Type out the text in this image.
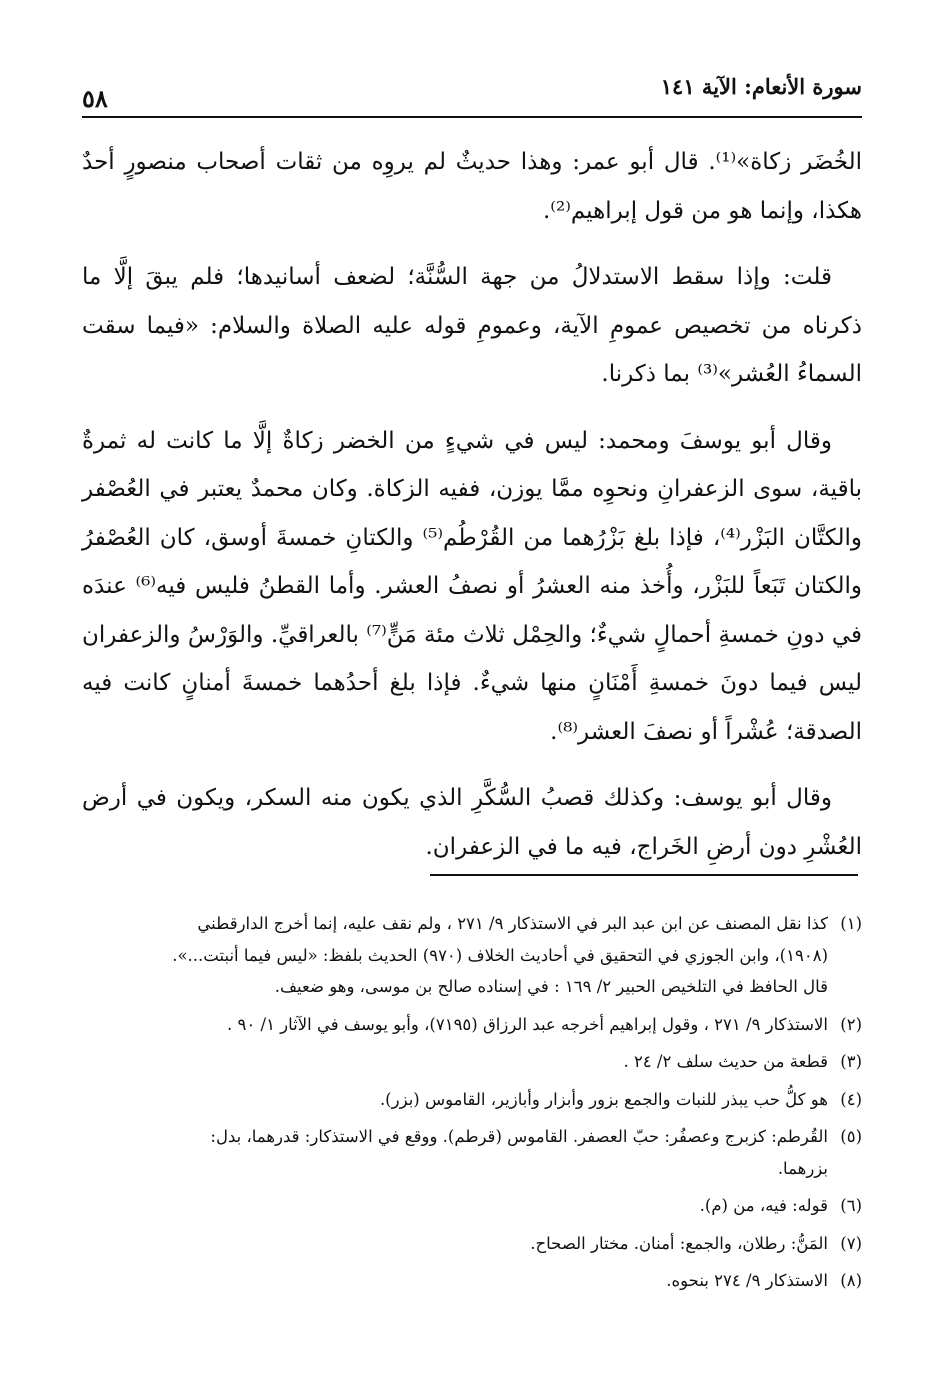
٥٨	سورة الأنعام: الآية ١٤١

الخُضَر زكاة»⁽¹⁾. قال أبو عمر: وهذا حديثٌ لم يروِه من ثقات أصحاب منصورٍ أحدٌ هكذا، وإنما هو من قول إبراهيم⁽²⁾.

قلت: وإذا سقط الاستدلالُ من جهة السُّنَّة؛ لضعف أسانيدها؛ فلم يبقَ إلَّا ما ذكرناه من تخصيص عمومِ الآية، وعمومِ قوله عليه الصلاة والسلام: «فيما سقت السماءُ العُشر»⁽³⁾ بما ذكرنا.

وقال أبو يوسفَ ومحمد: ليس في شيءٍ من الخضر زكاةٌ إلَّا ما كانت له ثمرةٌ باقية، سوى الزعفرانِ ونحوِه ممَّا يوزن، ففيه الزكاة. وكان محمدٌ يعتبر في العُصْفر والكتَّان البَزْر⁽⁴⁾، فإذا بلغ بَزْرُهما من القُرْطُم⁽⁵⁾ والكتانِ خمسةَ أوسق، كان العُصْفرُ والكتان تَبَعاً للبَزْر، وأُخذ منه العشرُ أو نصفُ العشر. وأما القطنُ فليس فيه⁽⁶⁾ عندَه في دونِ خمسةِ أحمالٍ شيءٌ؛ والحِمْل ثلاث مئة مَنٍّ⁽⁷⁾ بالعراقيِّ. والوَرْسُ والزعفران ليس فيما دونَ خمسةِ أَمْنَانٍ منها شيءٌ. فإذا بلغ أحدُهما خمسةَ أمنانٍ كانت فيه الصدقة؛ عُشْراً أو نصفَ العشر⁽⁸⁾.

وقال أبو يوسف: وكذلك قصبُ السُّكَّرِ الذي يكون منه السكر، ويكون في أرض العُشْرِ دون أرضِ الخَراج، فيه ما في الزعفران.

(١)
كذا نقل المصنف عن ابن عبد البر في الاستذكار ٩/ ٢٧١ ، ولم نقف عليه، إنما أخرج الدارقطني
(١٩٠٨)، وابن الجوزي في التحقيق في أحاديث الخلاف (٩٧٠) الحديث بلفظ: «ليس فيما أنبتت...».
قال الحافظ في التلخيص الحبير ٢/ ١٦٩ : في إسناده صالح بن موسى، وهو ضعيف.
(٢)
الاستذكار ٩/ ٢٧١ ، وقول إبراهيم أخرجه عبد الرزاق (٧١٩٥)، وأبو يوسف في الآثار ١/ ٩٠ .
(٣)
قطعة من حديث سلف ٢/ ٢٤ .
(٤)
هو كلُّ حب يبذر للنبات والجمع بزور وأبزار وأبازير، القاموس (بزر).
(٥)
القُرطم: كزبرج وعصفُر: حبّ العصفر. القاموس (قرطم). ووقع في الاستذكار: قدرهما، بدل:
بزرهما.
(٦)
قوله: فيه، من (م).
(٧)
المَنُّ: رطلان، والجمع: أمنان. مختار الصحاح.
(٨)
الاستذكار ٩/ ٢٧٤ بنحوه.
